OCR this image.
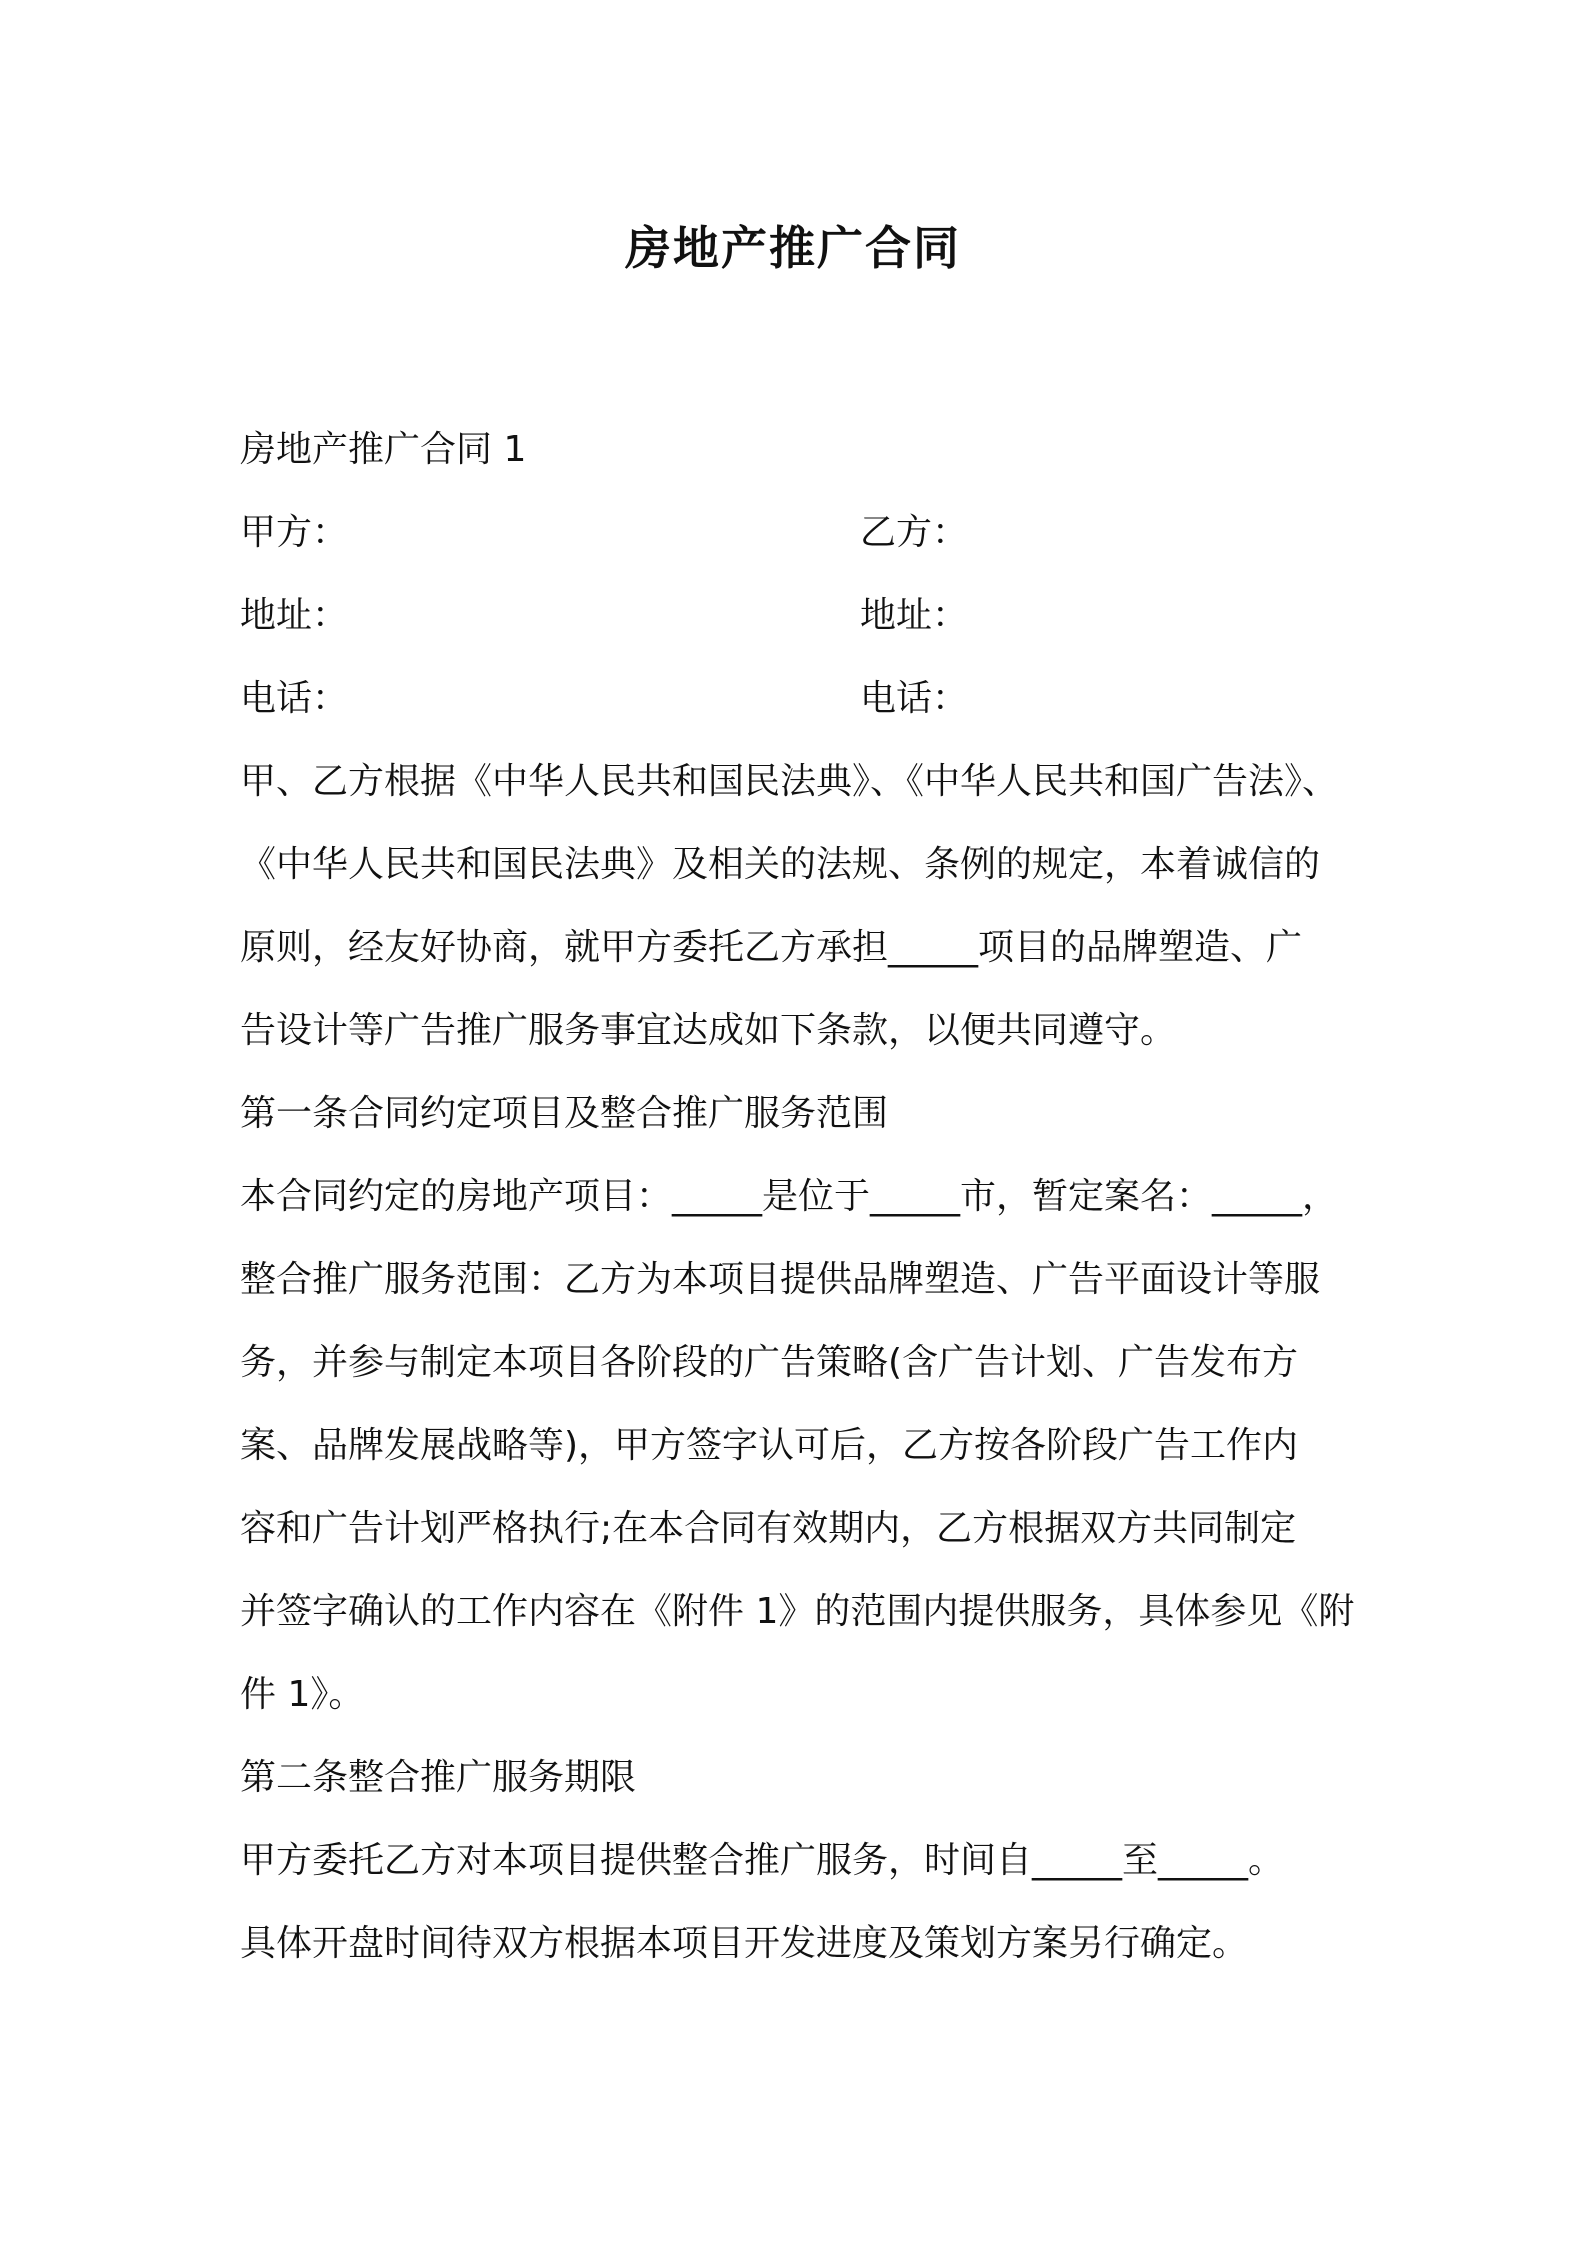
房地产推广合同

房地产推广合同 1

甲方：	乙方：
地址：	地址：
电话：	电话：

甲、乙方根据《中华人民共和国民法典》、《中华人民共和国广告法》、

《中华人民共和国民法典》及相关的法规、条例的规定，本着诚信的

原则，经友好协商，就甲方委托乙方承担_____项目的品牌塑造、广

告设计等广告推广服务事宜达成如下条款，以便共同遵守。

第一条合同约定项目及整合推广服务范围

本合同约定的房地产项目：_____是位于_____市，暂定案名：_____，

整合推广服务范围：乙方为本项目提供品牌塑造、广告平面设计等服

务，并参与制定本项目各阶段的广告策略(含广告计划、广告发布方

案、品牌发展战略等)，甲方签字认可后，乙方按各阶段广告工作内

容和广告计划严格执行;在本合同有效期内，乙方根据双方共同制定

并签字确认的工作内容在《附件 1》的范围内提供服务，具体参见《附

件 1》。

第二条整合推广服务期限

甲方委托乙方对本项目提供整合推广服务，时间自_____至_____。

具体开盘时间待双方根据本项目开发进度及策划方案另行确定。
